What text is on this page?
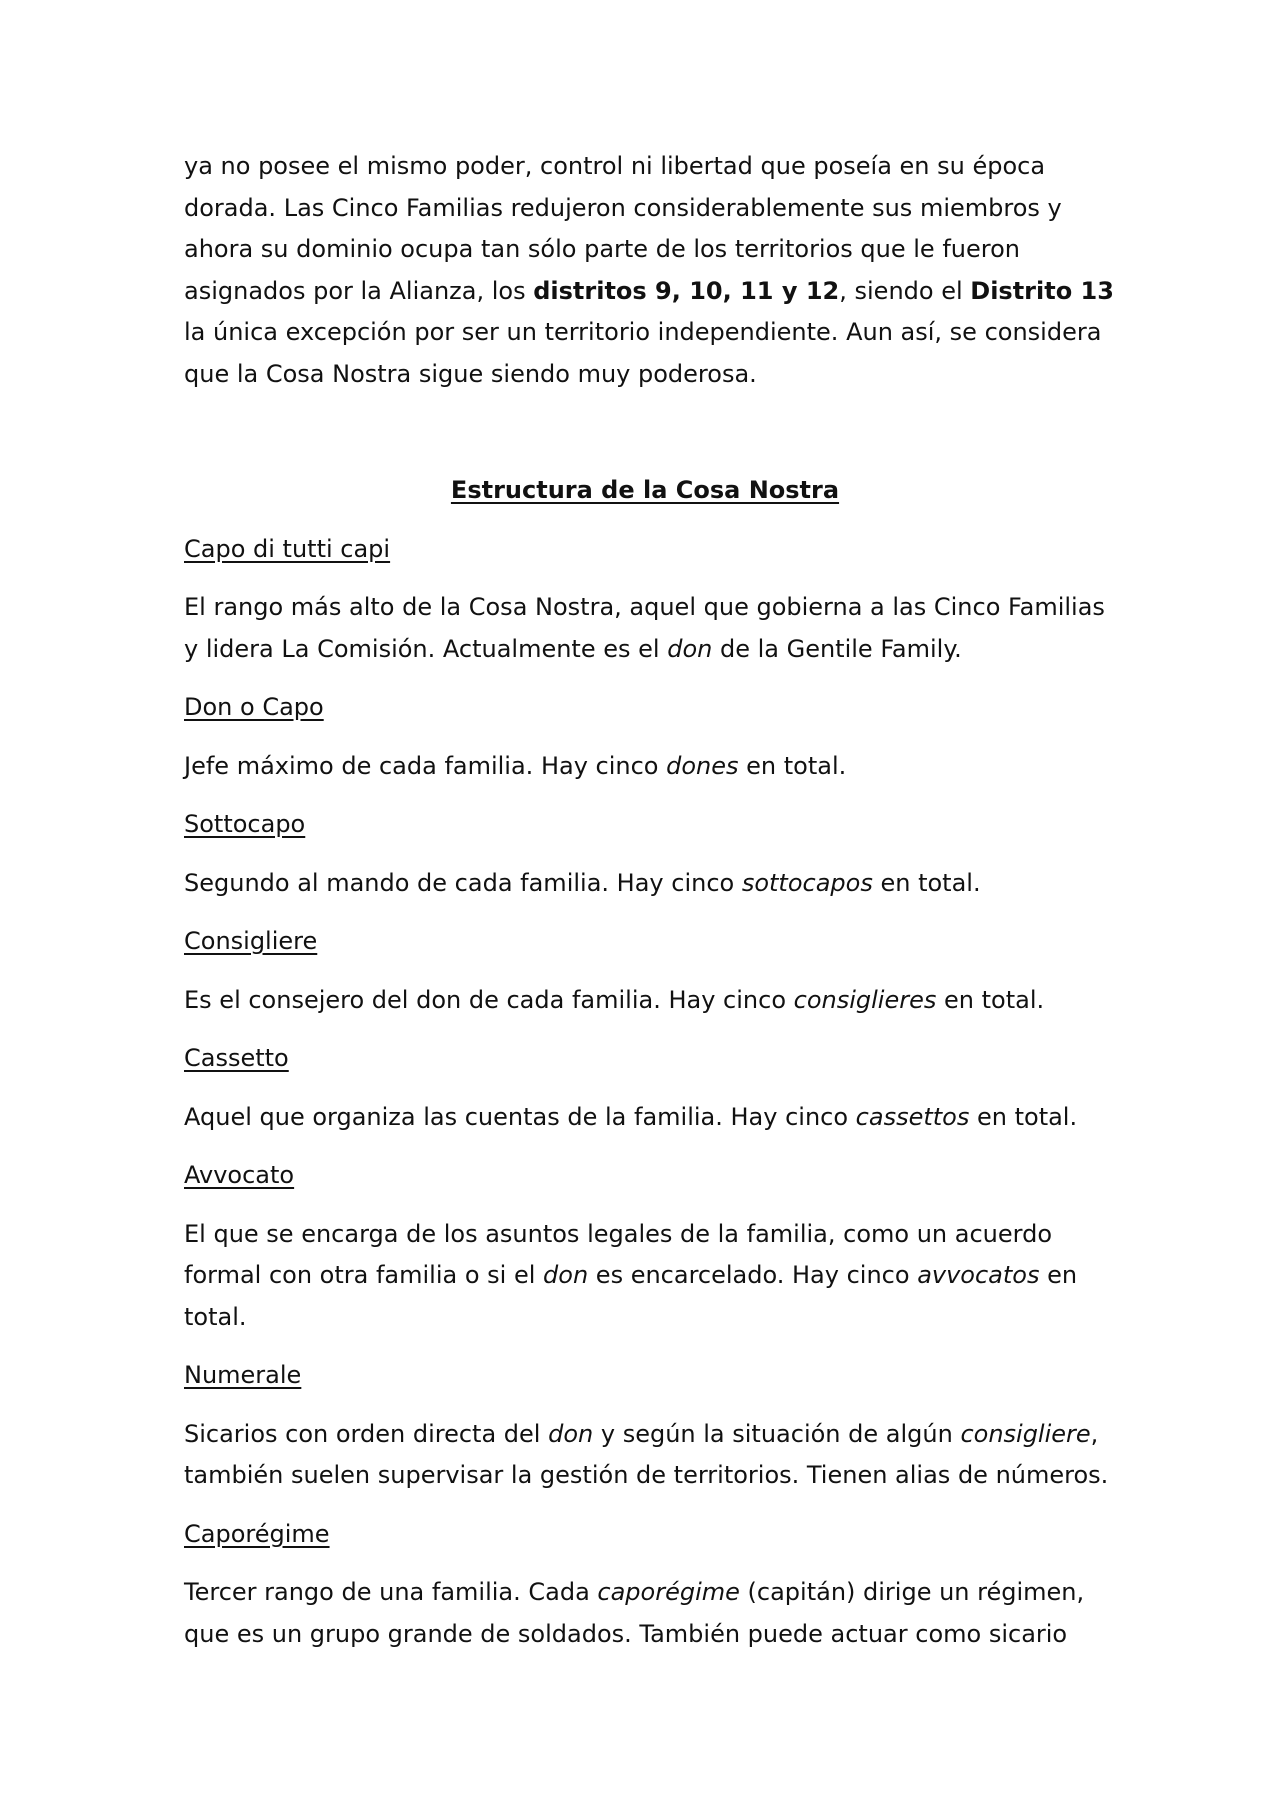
ya no posee el mismo poder, control ni libertad que poseía en su época dorada. Las Cinco Familias redujeron considerablemente sus miembros y ahora su dominio ocupa tan sólo parte de los territorios que le fueron asignados por la Alianza, los distritos 9, 10, 11 y 12, siendo el Distrito 13 la única excepción por ser un territorio independiente. Aun así, se considera que la Cosa Nostra sigue siendo muy poderosa.

Estructura de la Cosa Nostra

Capo di tutti capi

El rango más alto de la Cosa Nostra, aquel que gobierna a las Cinco Familias y lidera La Comisión. Actualmente es el don de la Gentile Family.

Don o Capo

Jefe máximo de cada familia. Hay cinco dones en total.

Sottocapo

Segundo al mando de cada familia. Hay cinco sottocapos en total.

Consigliere

Es el consejero del don de cada familia. Hay cinco consiglieres en total.

Cassetto

Aquel que organiza las cuentas de la familia. Hay cinco cassettos en total.

Avvocato

El que se encarga de los asuntos legales de la familia, como un acuerdo formal con otra familia o si el don es encarcelado. Hay cinco avvocatos en total.

Numerale

Sicarios con orden directa del don y según la situación de algún consigliere, también suelen supervisar la gestión de territorios. Tienen alias de números.

Caporégime

Tercer rango de una familia. Cada caporégime (capitán) dirige un régimen, que es un grupo grande de soldados. También puede actuar como sicario
